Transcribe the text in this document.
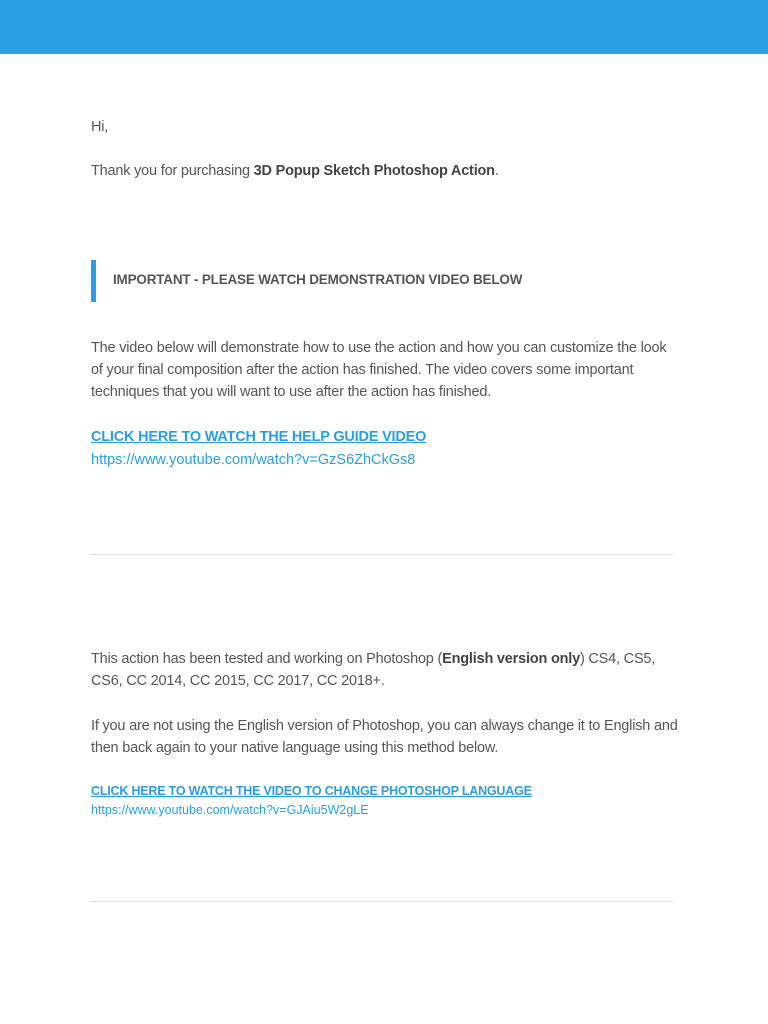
Hi,

Thank you for purchasing 3D Popup Sketch Photoshop Action.

IMPORTANT - PLEASE WATCH DEMONSTRATION VIDEO BELOW

The video below will demonstrate how to use the action and how you can customize the look of your final composition after the action has finished. The video covers some important techniques that you will want to use after the action has finished.

CLICK HERE TO WATCH THE HELP GUIDE VIDEO
https://www.youtube.com/watch?v=GzS6ZhCkGs8

This action has been tested and working on Photoshop (English version only) CS4, CS5, CS6, CC 2014, CC 2015, CC 2017, CC 2018+.

If you are not using the English version of Photoshop, you can always change it to English and then back again to your native language using this method below.

CLICK HERE TO WATCH THE VIDEO TO CHANGE PHOTOSHOP LANGUAGE
https://www.youtube.com/watch?v=GJAiu5W2gLE
